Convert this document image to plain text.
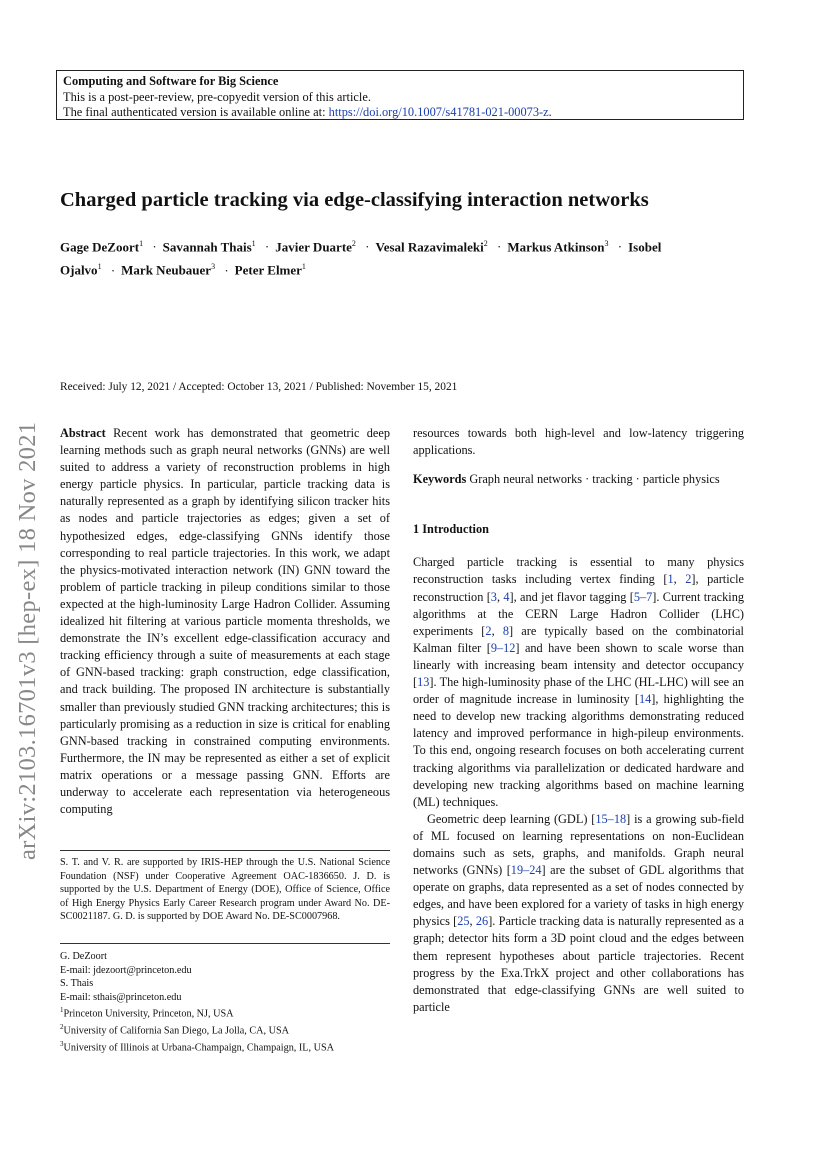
Computing and Software for Big Science
This is a post-peer-review, pre-copyedit version of this article.
The final authenticated version is available online at: https://doi.org/10.1007/s41781-021-00073-z.
Charged particle tracking via edge-classifying interaction networks
Gage DeZoort$^1$ · Savannah Thais$^1$ · Javier Duarte$^2$ · Vesal Razavimaleki$^2$ · Markus Atkinson$^3$ · Isobel Ojalvo$^1$ · Mark Neubauer$^3$ · Peter Elmer$^1$
arXiv:2103.16701v3 [hep-ex] 18 Nov 2021
Received: July 12, 2021 / Accepted: October 13, 2021 / Published: November 15, 2021

Abstract Recent work has demonstrated that geometric deep learning methods such as graph neural networks (GNNs) are well suited to address a variety of reconstruction problems in high energy particle physics. In particular, particle tracking data is naturally represented as a graph by identifying silicon tracker hits as nodes and particle trajectories as edges; given a set of hypothesized edges, edge-classifying GNNs identify those corresponding to real particle trajectories. In this work, we adapt the physics-motivated interaction network (IN) GNN toward the problem of particle tracking in pileup conditions similar to those expected at the high-luminosity Large Hadron Collider. Assuming idealized hit filtering at various particle momenta thresholds, we demonstrate the IN’s excellent edge-classification accuracy and tracking efficiency through a suite of measurements at each stage of GNN-based tracking: graph construction, edge classification, and track building. The proposed IN architecture is substantially smaller than previously studied GNN tracking architectures; this is particularly promising as a reduction in size is critical for enabling GNN-based tracking in constrained computing environments. Furthermore, the IN may be represented as either a set of explicit matrix operations or a message passing GNN. Efforts are underway to accelerate each representation via heterogeneous computing

S. T. and V. R. are supported by IRIS-HEP through the U.S. National Science Foundation (NSF) under Cooperative Agreement OAC-1836650. J. D. is supported by the U.S. Department of Energy (DOE), Office of Science, Office of High Energy Physics Early Career Research program under Award No. DE-SC0021187. G. D. is supported by DOE Award No. DE-SC0007968.

G. DeZoort

E-mail: jdezoort@princeton.edu

S. Thais

E-mail: sthais@princeton.edu

$^1$Princeton University, Princeton, NJ, USA

$^2$University of California San Diego, La Jolla, CA, USA

$^3$University of Illinois at Urbana-Champaign, Champaign, IL, USA

resources towards both high-level and low-latency triggering applications.

Keywords Graph neural networks · tracking · particle physics

1 Introduction

Charged particle tracking is essential to many physics reconstruction tasks including vertex finding [1, 2], particle reconstruction [3, 4], and jet flavor tagging [5–7]. Current tracking algorithms at the CERN Large Hadron Collider (LHC) experiments [2, 8] are typically based on the combinatorial Kalman filter [9–12] and have been shown to scale worse than linearly with increasing beam intensity and detector occupancy [13]. The high-luminosity phase of the LHC (HL-LHC) will see an order of magnitude increase in luminosity [14], highlighting the need to develop new tracking algorithms demonstrating reduced latency and improved performance in high-pileup environments. To this end, ongoing research focuses on both accelerating current tracking algorithms via parallelization or dedicated hardware and developing new tracking algorithms based on machine learning (ML) techniques.

Geometric deep learning (GDL) [15–18] is a growing sub-field of ML focused on learning representations on non-Euclidean domains such as sets, graphs, and manifolds. Graph neural networks (GNNs) [19–24] are the subset of GDL algorithms that operate on graphs, data represented as a set of nodes connected by edges, and have been explored for a variety of tasks in high energy physics [25, 26]. Particle tracking data is naturally represented as a graph; detector hits form a 3D point cloud and the edges between them represent hypotheses about particle trajectories. Recent progress by the Exa.TrkX project and other collaborations has demonstrated that edge-classifying GNNs are well suited to particle
